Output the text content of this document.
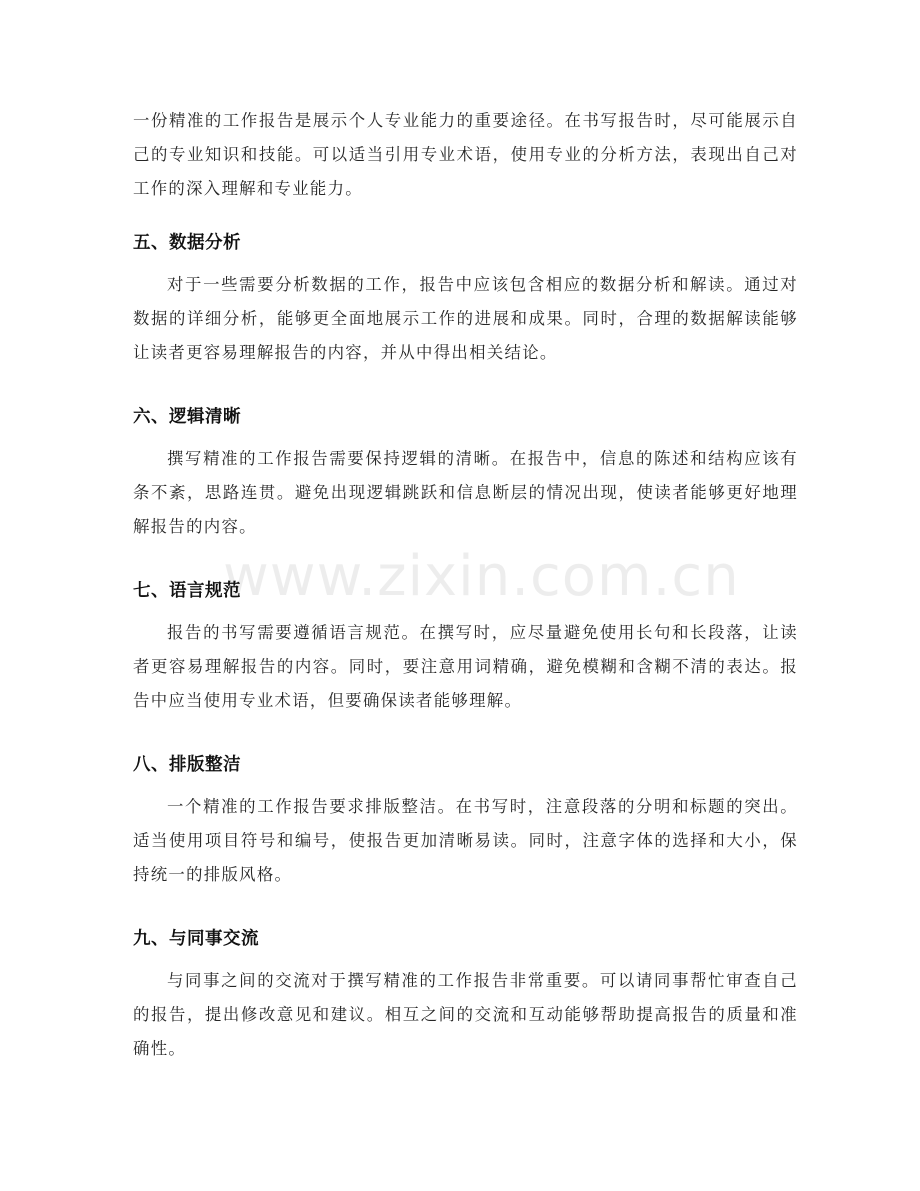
一份精准的工作报告是展示个人专业能力的重要途径。在书写报告时，尽可能展示自己的专业知识和技能。可以适当引用专业术语，使用专业的分析方法，表现出自己对工作的深入理解和专业能力。

五、数据分析

对于一些需要分析数据的工作，报告中应该包含相应的数据分析和解读。通过对数据的详细分析，能够更全面地展示工作的进展和成果。同时，合理的数据解读能够让读者更容易理解报告的内容，并从中得出相关结论。

六、逻辑清晰

撰写精准的工作报告需要保持逻辑的清晰。在报告中，信息的陈述和结构应该有条不紊，思路连贯。避免出现逻辑跳跃和信息断层的情况出现，使读者能够更好地理解报告的内容。

七、语言规范

报告的书写需要遵循语言规范。在撰写时，应尽量避免使用长句和长段落，让读者更容易理解报告的内容。同时，要注意用词精确，避免模糊和含糊不清的表达。报告中应当使用专业术语，但要确保读者能够理解。

八、排版整洁

一个精准的工作报告要求排版整洁。在书写时，注意段落的分明和标题的突出。适当使用项目符号和编号，使报告更加清晰易读。同时，注意字体的选择和大小，保持统一的排版风格。

九、与同事交流

与同事之间的交流对于撰写精准的工作报告非常重要。可以请同事帮忙审查自己的报告，提出修改意见和建议。相互之间的交流和互动能够帮助提高报告的质量和准确性。

www.zixin.com.cn
